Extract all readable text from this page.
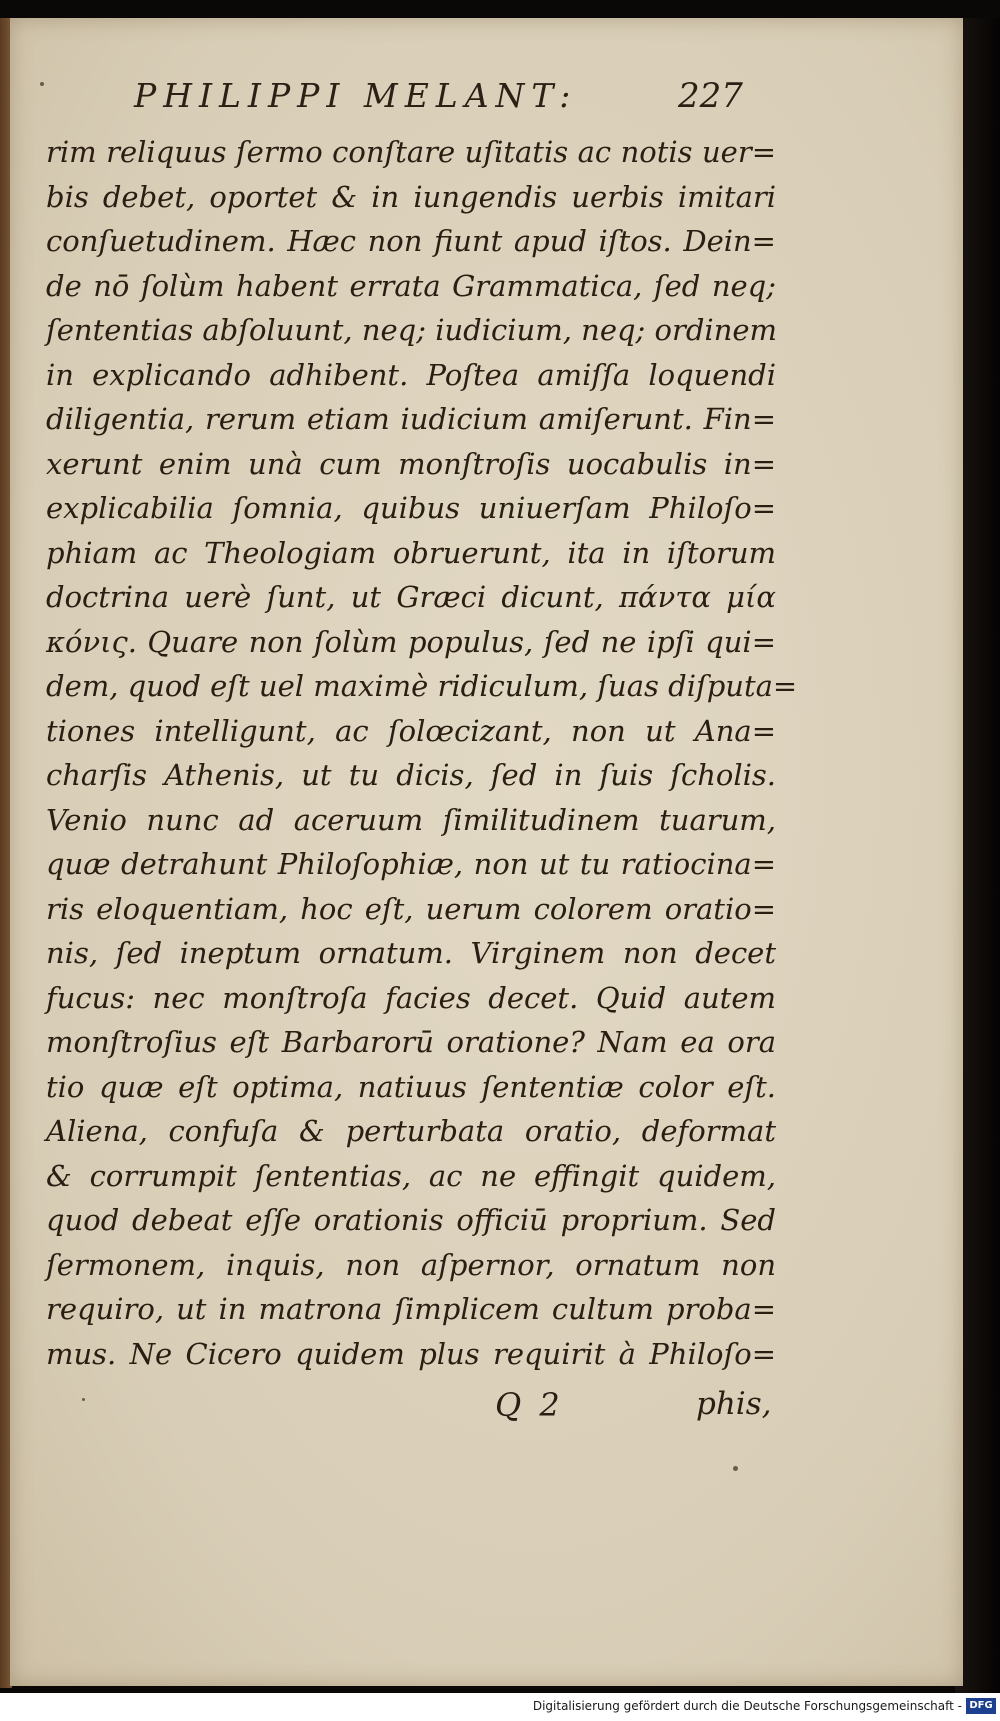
PHILIPPI MELANT:	227
rim reliquus ſermo conſtare uſitatis ac notis uer=
bis debet, oportet & in iungendis uerbis imitari
conſuetudinem. Hæc non fiunt apud iſtos. Dein=
de nō ſolùm habent errata Grammatica, ſed neq;
ſententias abſoluunt, neq; iudicium, neq; ordinem
in explicando adhibent. Poſtea amiſſa loquendi
diligentia, rerum etiam iudicium amiſerunt. Fin=
xerunt enim unà cum monſtroſis uocabulis in=
explicabilia ſomnia, quibus uniuerſam Philoſo=
phiam ac Theologiam obruerunt, ita in iſtorum
doctrina uerè ſunt, ut Græci dicunt, πάντα μία
κόνις. Quare non ſolùm populus, ſed ne ipſi qui=
dem, quod eſt uel maximè ridiculum, ſuas diſputa=
tiones intelligunt, ac ſolœcizant, non ut Ana=
charſis Athenis, ut tu dicis, ſed in ſuis ſcholis.
Venio nunc ad aceruum ſimilitudinem tuarum,
quæ detrahunt Philoſophiæ, non ut tu ratiocina=
ris eloquentiam, hoc eſt, uerum colorem oratio=
nis, ſed ineptum ornatum. Virginem non decet
fucus: nec monſtroſa facies decet. Quid autem
monſtroſius eſt Barbarorū oratione? Nam ea ora
tio quæ eſt optima, natiuus ſententiæ color eſt.
Aliena, confuſa & perturbata oratio, deformat
& corrumpit ſententias, ac ne effingit quidem,
quod debeat eſſe orationis officiū proprium. Sed
ſermonem, inquis, non aſpernor, ornatum non
requiro, ut in matrona ſimplicem cultum proba=
mus. Ne Cicero quidem plus requirit à Philoſo=
Q 2	phis,
Digitalisierung gefördert durch die Deutsche Forschungsgemeinschaft - DFG
